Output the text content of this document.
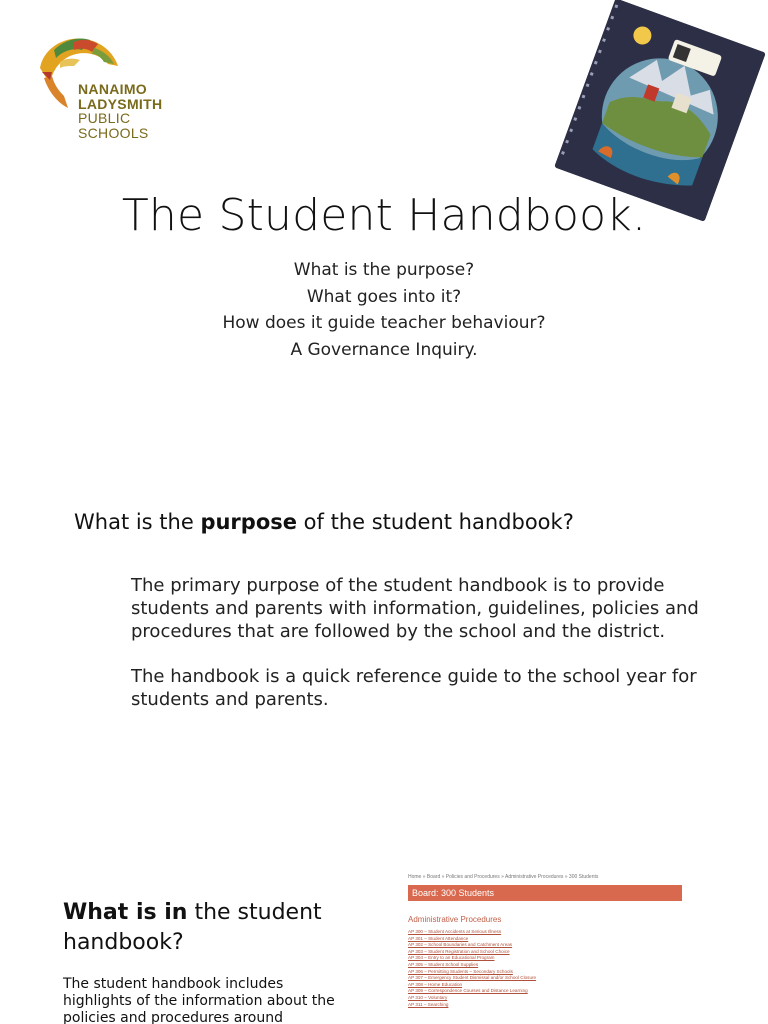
NANAIMO
LADYSMITH
PUBLIC
SCHOOLS
The Student Handbook.
What is the purpose?
What goes into it?
How does it guide teacher behaviour?
A Governance Inquiry.
What is the purpose of the student handbook?

The primary purpose of the student handbook is to provide students and parents with information, guidelines, policies and procedures that are followed by the school and the district.

The handbook is a quick reference guide to the school year for students and parents.

What is in the student handbook?
The student handbook includes highlights of the information about the policies and procedures around
Home » Board » Policies and Procedures » Administrative Procedures » 300 Students
Board: 300 Students
Administrative Procedures
AP 300 – Student Accidents at Serious Illness
AP 301 – Student Attendance
AP 302 – School Boundaries and Catchment Areas
AP 303 – Student Registration and School Choice
AP 304 – Entry to an Educational Program
AP 305 – Student School Supplies
AP 306 – Permitting Students – Secondary Schools
AP 307 – Emergency Student Dismissal and/or School Closure
AP 308 – Home Education
AP 309 – Correspondence Courses and Distance Learning
AP 310 – Voluntary
AP 311 – Searching
